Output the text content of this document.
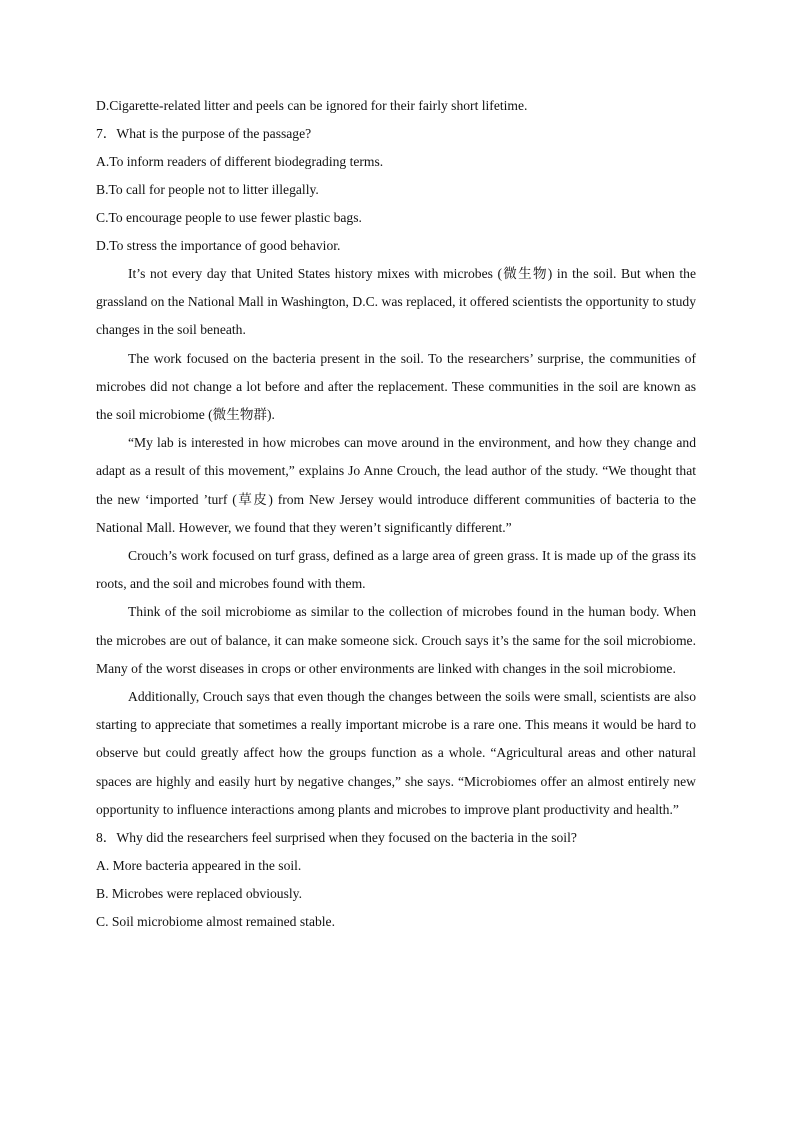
D.Cigarette-related litter and peels can be ignored for their fairly short lifetime.

7．What is the purpose of the passage?

A.To inform readers of different biodegrading terms.

B.To call for people not to litter illegally.

C.To encourage people to use fewer plastic bags.

D.To stress the importance of good behavior.

It’s not every day that United States history mixes with microbes (微生物) in the soil. But when the grassland on the National Mall in Washington, D.C. was replaced, it offered scientists the opportunity to study changes in the soil beneath.

The work focused on the bacteria present in the soil. To the researchers’ surprise, the communities of microbes did not change a lot before and after the replacement. These communities in the soil are known as the soil microbiome (微生物群).

“My lab is interested in how microbes can move around in the environment, and how they change and adapt as a result of this movement,” explains Jo Anne Crouch, the lead author of the study. “We thought that the new ‘imported ’turf (草皮) from New Jersey would introduce different communities of bacteria to the National Mall. However, we found that they weren’t significantly different.”

Crouch’s work focused on turf grass, defined as a large area of green grass. It is made up of the grass its roots, and the soil and microbes found with them.

Think of the soil microbiome as similar to the collection of microbes found in the human body. When the microbes are out of balance, it can make someone sick. Crouch says it’s the same for the soil microbiome. Many of the worst diseases in crops or other environments are linked with changes in the soil microbiome.

Additionally, Crouch says that even though the changes between the soils were small, scientists are also starting to appreciate that sometimes a really important microbe is a rare one. This means it would be hard to observe but could greatly affect how the groups function as a whole. “Agricultural areas and other natural spaces are highly and easily hurt by negative changes,” she says. “Microbiomes offer an almost entirely new opportunity to influence interactions among plants and microbes to improve plant productivity and health.”

8．Why did the researchers feel surprised when they focused on the bacteria in the soil?

A. More bacteria appeared in the soil.

B. Microbes were replaced obviously.

C. Soil microbiome almost remained stable.
